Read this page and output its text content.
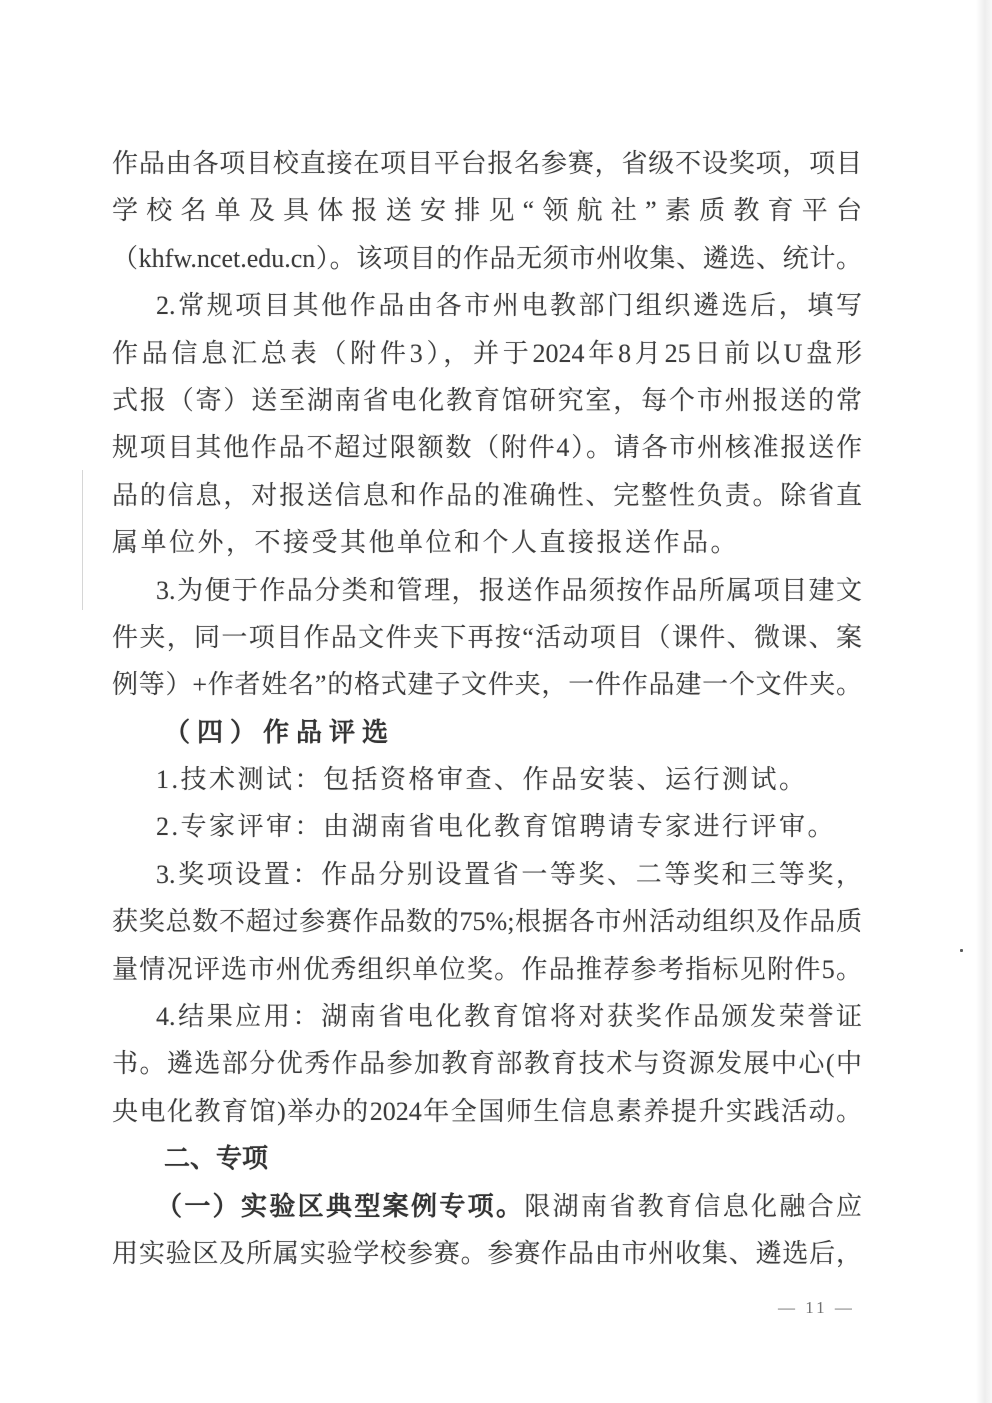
作品由各项目校直接在项目平台报名参赛，省级不设奖项，项目

学校名单及具体报送安排见“领航社”素质教育平台

（khfw.ncet.edu.cn）。该项目的作品无须市州收集、遴选、统计。

2.常规项目其他作品由各市州电教部门组织遴选后，填写

作品信息汇总表（附件3），并于2024年8月25日前以U盘形

式报（寄）送至湖南省电化教育馆研究室，每个市州报送的常

规项目其他作品不超过限额数（附件4）。请各市州核准报送作

品的信息，对报送信息和作品的准确性、完整性负责。除省直

属单位外，不接受其他单位和个人直接报送作品。

3.为便于作品分类和管理，报送作品须按作品所属项目建文

件夹，同一项目作品文件夹下再按“活动项目（课件、微课、案

例等）+作者姓名”的格式建子文件夹，一件作品建一个文件夹。

（四）作品评选

1.技术测试：包括资格审查、作品安装、运行测试。

2.专家评审：由湖南省电化教育馆聘请专家进行评审。

3.奖项设置：作品分别设置省一等奖、二等奖和三等奖，

获奖总数不超过参赛作品数的75%;根据各市州活动组织及作品质

量情况评选市州优秀组织单位奖。作品推荐参考指标见附件5。

4.结果应用：湖南省电化教育馆将对获奖作品颁发荣誉证

书。遴选部分优秀作品参加教育部教育技术与资源发展中心(中

央电化教育馆)举办的2024年全国师生信息素养提升实践活动。

二、专项

（一）实验区典型案例专项。限湖南省教育信息化融合应

用实验区及所属实验学校参赛。参赛作品由市州收集、遴选后，

— 11 —
